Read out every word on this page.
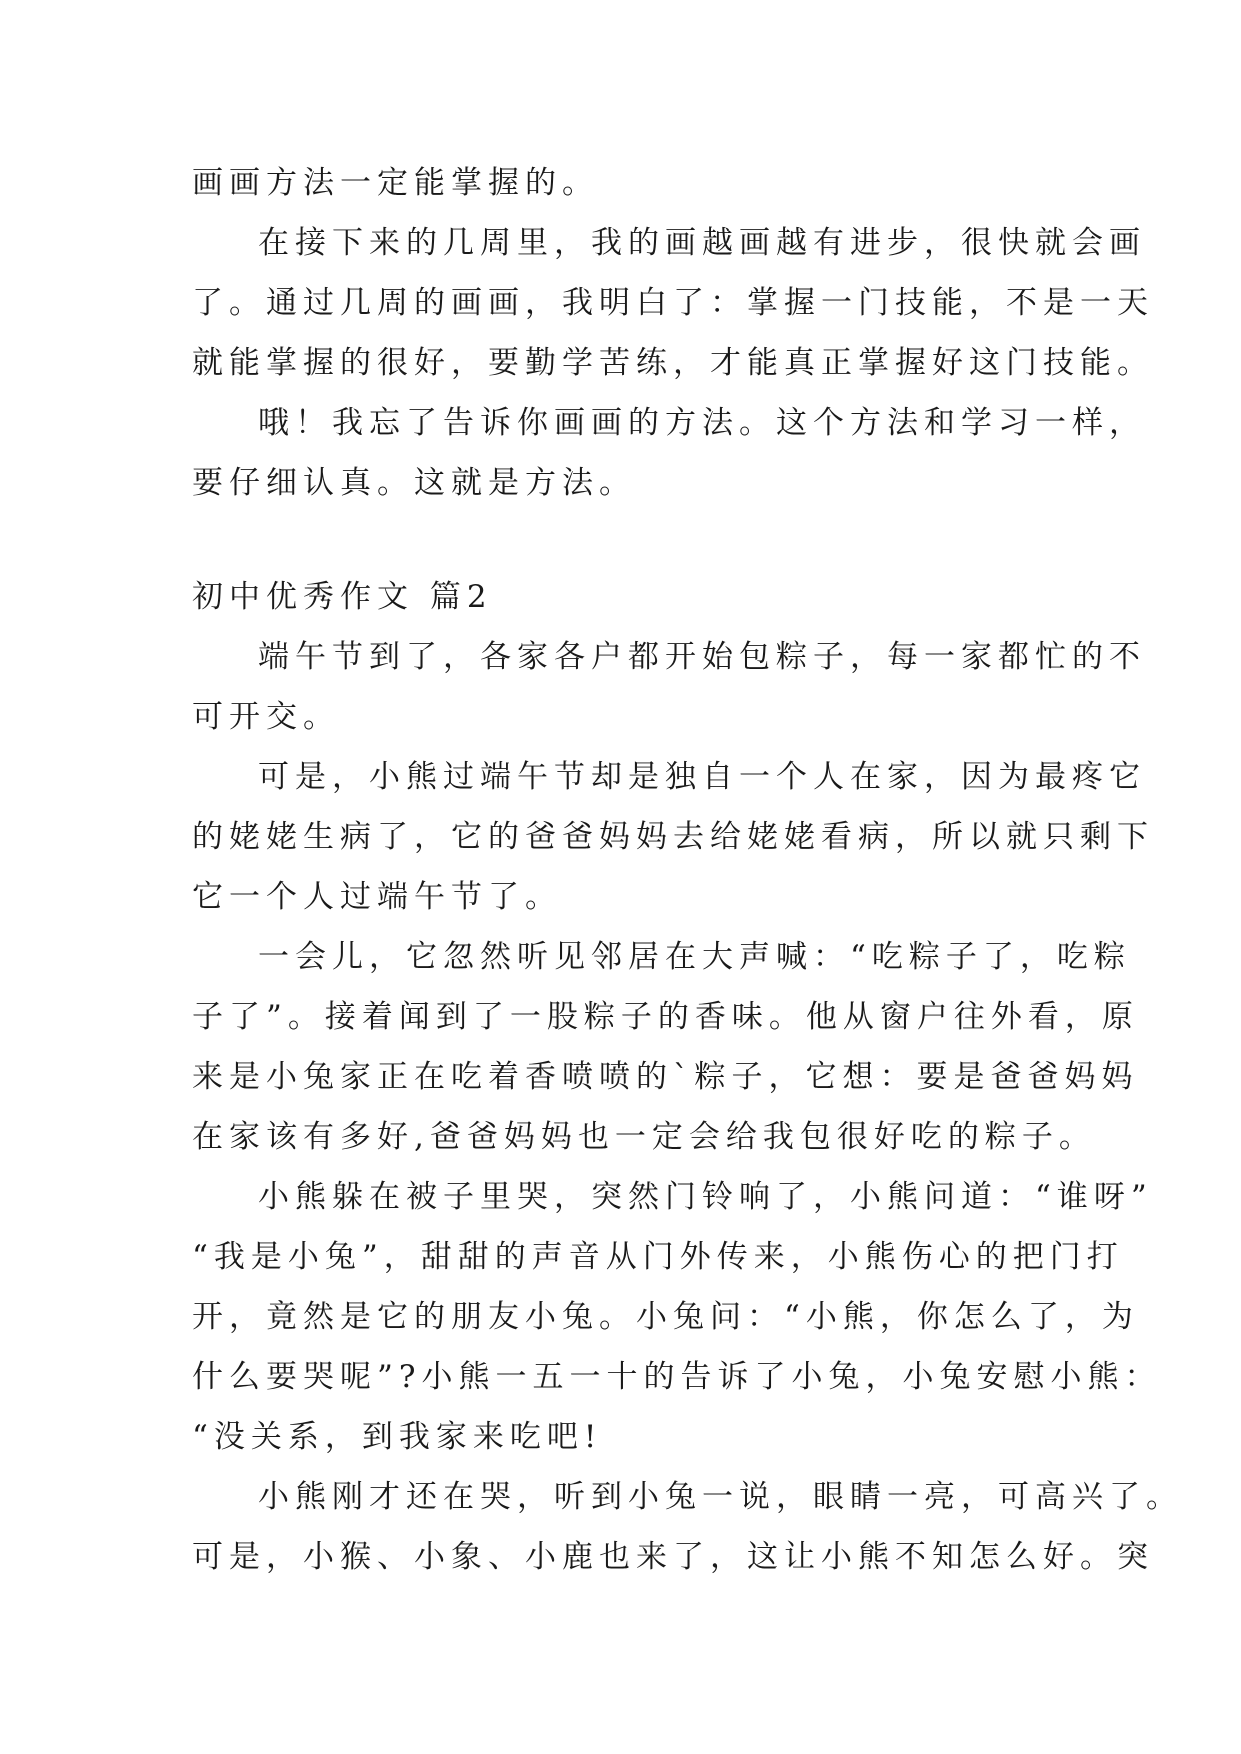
画画方法一定能掌握的。
在接下来的几周里，我的画越画越有进步，很快就会画
了。通过几周的画画，我明白了：掌握一门技能，不是一天
就能掌握的很好，要勤学苦练，才能真正掌握好这门技能。
哦！我忘了告诉你画画的方法。这个方法和学习一样，
要仔细认真。这就是方法。
初中优秀作文 篇2
端午节到了，各家各户都开始包粽子，每一家都忙的不
可开交。
可是，小熊过端午节却是独自一个人在家，因为最疼它
的姥姥生病了，它的爸爸妈妈去给姥姥看病，所以就只剩下
它一个人过端午节了。
一会儿，它忽然听见邻居在大声喊：“吃粽子了，吃粽
子了”。接着闻到了一股粽子的香味。他从窗户往外看，原
来是小兔家正在吃着香喷喷的`粽子，它想：要是爸爸妈妈
在家该有多好,爸爸妈妈也一定会给我包很好吃的粽子。
小熊躲在被子里哭，突然门铃响了，小熊问道：“谁呀”
“我是小兔”，甜甜的声音从门外传来，小熊伤心的把门打
开，竟然是它的朋友小兔。小兔问：“小熊，你怎么了，为
什么要哭呢”?小熊一五一十的告诉了小兔，小兔安慰小熊：
“没关系，到我家来吃吧!
小熊刚才还在哭，听到小兔一说，眼睛一亮，可高兴了。
可是，小猴、小象、小鹿也来了，这让小熊不知怎么好。突
